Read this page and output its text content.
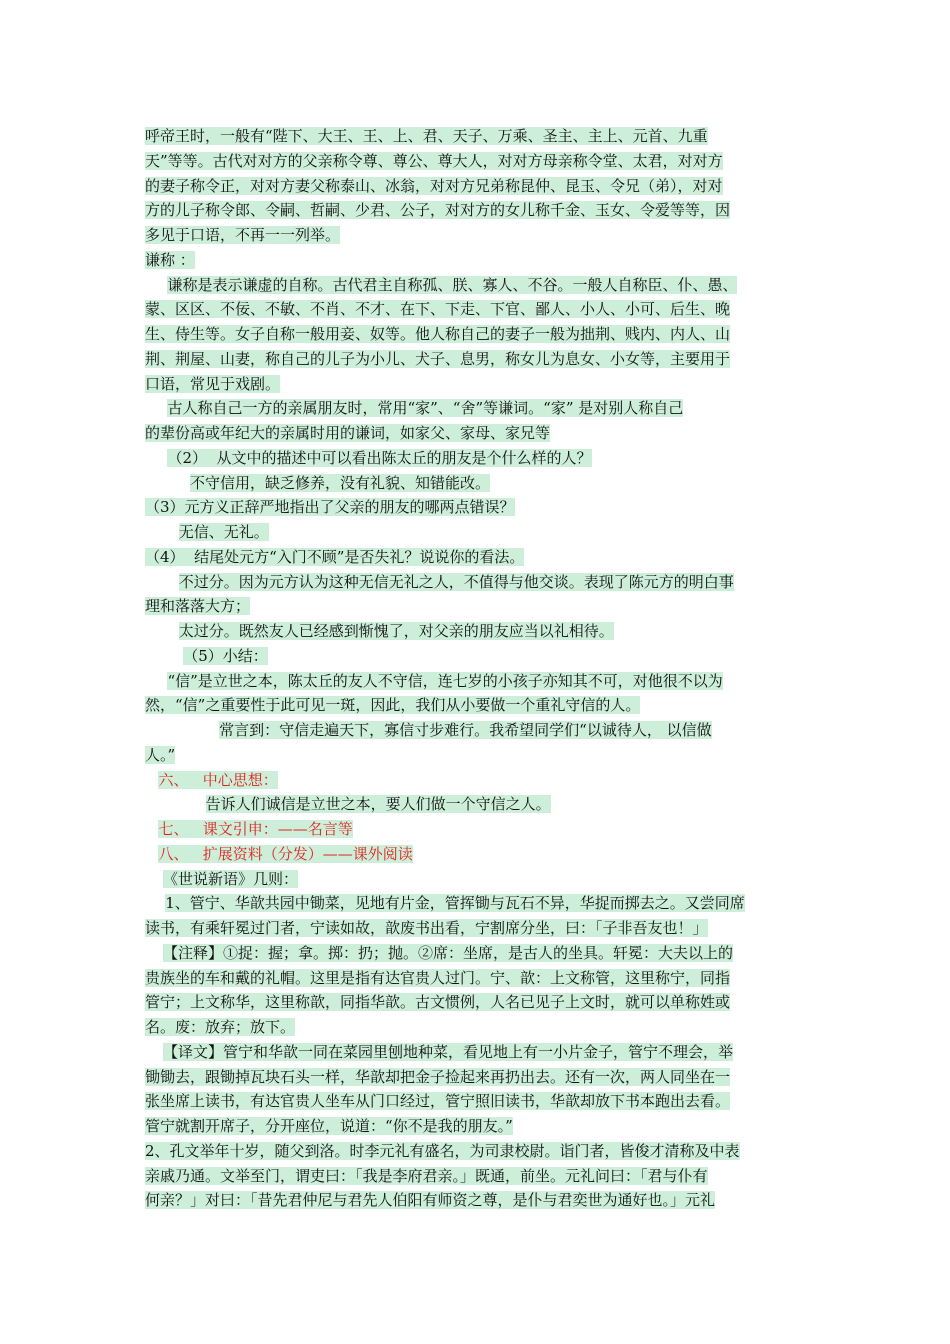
呼帝王时，一般有“陛下、大王、王、上、君、天子、万乘、圣主、主上、元首、九重
天”等等。古代对对方的父亲称令尊、尊公、尊大人，对对方母亲称令堂、太君，对对方
的妻子称令正，对对方妻父称泰山、冰翁，对对方兄弟称昆仲、昆玉、令兄（弟），对对
方的儿子称令郎、令嗣、哲嗣、少君、公子，对对方的女儿称千金、玉女、令爱等等，因
多见于口语，不再一一列举。
谦称 ：
谦称是表示谦虚的自称。古代君主自称孤、朕、寡人、不谷。一般人自称臣、仆、愚、
蒙、区区、不佞、不敏、不肖、不才、在下、下走、下官、鄙人、小人、小可、后生、晚
生、侍生等。女子自称一般用妾、奴等。他人称自己的妻子一般为拙荆、贱内、内人、山
荆、荆屋、山妻，称自己的儿子为小儿、犬子、息男，称女儿为息女、小女等，主要用于
口语，常见于戏剧。
古人称自己一方的亲属朋友时，常用“家”、“舍”等谦词。“家” 是对别人称自己
的辈份高或年纪大的亲属时用的谦词，如家父、家母、家兄等
（2）  从文中的描述中可以看出陈太丘的朋友是个什么样的人？
不守信用，缺乏修养，没有礼貌、知错能改。
（3）元方义正辞严地指出了父亲的朋友的哪两点错误？
无信、无礼。
（4）  结尾处元方“入门不顾”是否失礼？说说你的看法。
不过分。因为元方认为这种无信无礼之人，不值得与他交谈。表现了陈元方的明白事
理和落落大方；
太过分。既然友人已经感到惭愧了，对父亲的朋友应当以礼相待。
（5）小结：
“信”是立世之本，陈太丘的友人不守信，连七岁的小孩子亦知其不可，对他很不以为
然，“信”之重要性于此可见一斑，因此，我们从小要做一个重礼守信的人。
常言到：守信走遍天下，寡信寸步难行。我希望同学们“以诚待人， 以信做
人。”
六、   中心思想：
告诉人们诚信是立世之本，要人们做一个守信之人。
七、   课文引申：——名言等
八、   扩展资料（分发）——课外阅读
《世说新语》几则：
1、管宁、华歆共园中锄菜，见地有片金，管挥锄与瓦石不异，华捉而掷去之。又尝同席
读书，有乘轩冕过门者，宁读如故，歆废书出看，宁割席分坐，曰：「子非吾友也！」
【注释】①捉：握；拿。掷：扔；抛。②席：坐席，是古人的坐具。轩冕：大夫以上的
贵族坐的车和戴的礼帽。这里是指有达官贵人过门。宁、歆：上文称管，这里称宁，同指
管宁；上文称华，这里称歆，同指华歆。古文惯例，人名已见子上文时，就可以单称姓或
名。废：放弃；放下。
【译文】管宁和华歆一同在菜园里刨地种菜，看见地上有一小片金子，管宁不理会，举
锄锄去，跟锄掉瓦块石头一样，华歆却把金子捡起来再扔出去。还有一次，两人同坐在一
张坐席上读书，有达官贵人坐车从门口经过，管宁照旧读书，华歆却放下书本跑出去看。
管宁就割开席子，分开座位，说道：“你不是我的朋友。”
2、孔文举年十岁，随父到洛。时李元礼有盛名，为司隶校尉。诣门者，皆俊才清称及中表
亲戚乃通。文举至门，谓吏曰：「我是李府君亲。」既通，前坐。元礼问曰：「君与仆有
何亲？」对曰：「昔先君仲尼与君先人伯阳有师资之尊，是仆与君奕世为通好也。」元礼
